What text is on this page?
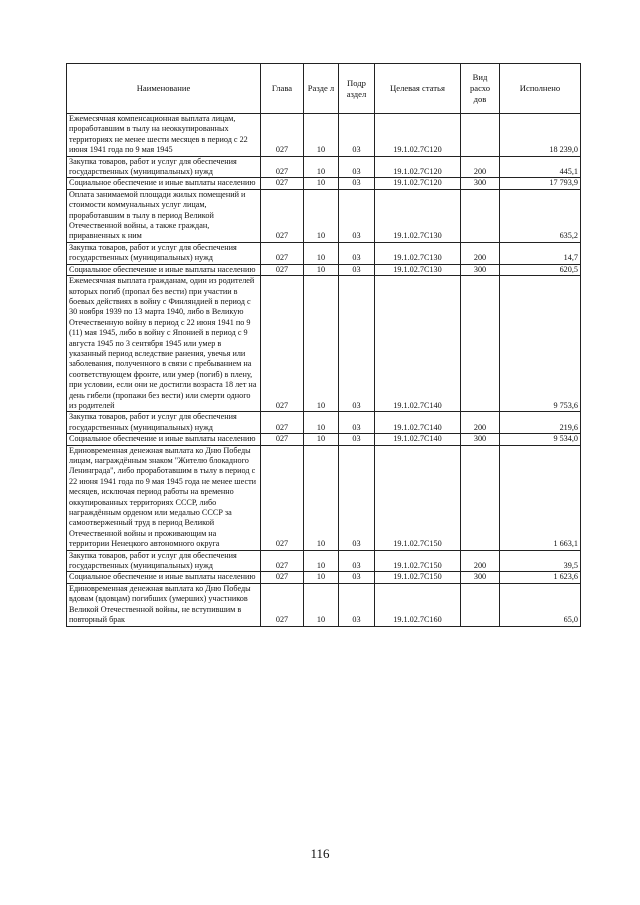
Наименование	Глава	Разде л	Подр аздел	Целевая статья	Вид расхо дов	Исполнено
Ежемесячная компенсационная выплата лицам, проработавшим в тылу на неоккупированных территориях не менее шести месяцев в период с 22 июня 1941 года по 9 мая 1945	027	10	03	19.1.02.7С120		18 239,0
Закупка товаров, работ и услуг для обеспечения государственных (муниципальных) нужд	027	10	03	19.1.02.7С120	200	445,1
Социальное обеспечение и иные выплаты населению	027	10	03	19.1.02.7С120	300	17 793,9
Оплата занимаемой площади жилых помещений и стоимости коммунальных услуг лицам, проработавшим в тылу в период Великой Отечественной войны, а также граждан, приравненных к ним	027	10	03	19.1.02.7С130		635,2
Закупка товаров, работ и услуг для обеспечения государственных (муниципальных) нужд	027	10	03	19.1.02.7С130	200	14,7
Социальное обеспечение и иные выплаты населению	027	10	03	19.1.02.7С130	300	620,5
Ежемесячная выплата гражданам, один из родителей которых погиб (пропал без вести) при участии в боевых действиях в войну с Финляндией в период с 30 ноября 1939 по 13 марта 1940, либо в Великую Отечественную войну в период с 22 июня 1941 по 9 (11) мая 1945, либо в войну с Японией в период с 9 августа 1945 по 3 сентября 1945 или умер в указанный период вследствие ранения, увечья или заболевания, полученного в связи с пребыванием на соответствующем фронте, или умер (погиб) в плену, при условии, если они не достигли возраста 18 лет на день гибели (пропажи без вести) или смерти одного из родителей	027	10	03	19.1.02.7С140		9 753,6
Закупка товаров, работ и услуг для обеспечения государственных (муниципальных) нужд	027	10	03	19.1.02.7С140	200	219,6
Социальное обеспечение и иные выплаты населению	027	10	03	19.1.02.7С140	300	9 534,0
Единовременная денежная выплата ко Дню Победы лицам, награждённым знаком "Жителю блокадного Ленинграда", либо проработавшим в тылу в период с 22 июня 1941 года по 9 мая 1945 года не менее шести месяцев, исключая период работы на временно оккупированных территориях СССР, либо награждённым орденом или медалью СССР за самоотверженный труд в период Великой Отечественной войны и проживающим на территории Ненецкого автономного округа	027	10	03	19.1.02.7С150		1 663,1
Закупка товаров, работ и услуг для обеспечения государственных (муниципальных) нужд	027	10	03	19.1.02.7С150	200	39,5
Социальное обеспечение и иные выплаты населению	027	10	03	19.1.02.7С150	300	1 623,6
Единовременная денежная выплата ко Дню Победы вдовам (вдовцам) погибших (умерших) участников Великой Отечественной войны, не вступившим в повторный брак	027	10	03	19.1.02.7С160		65,0
116
